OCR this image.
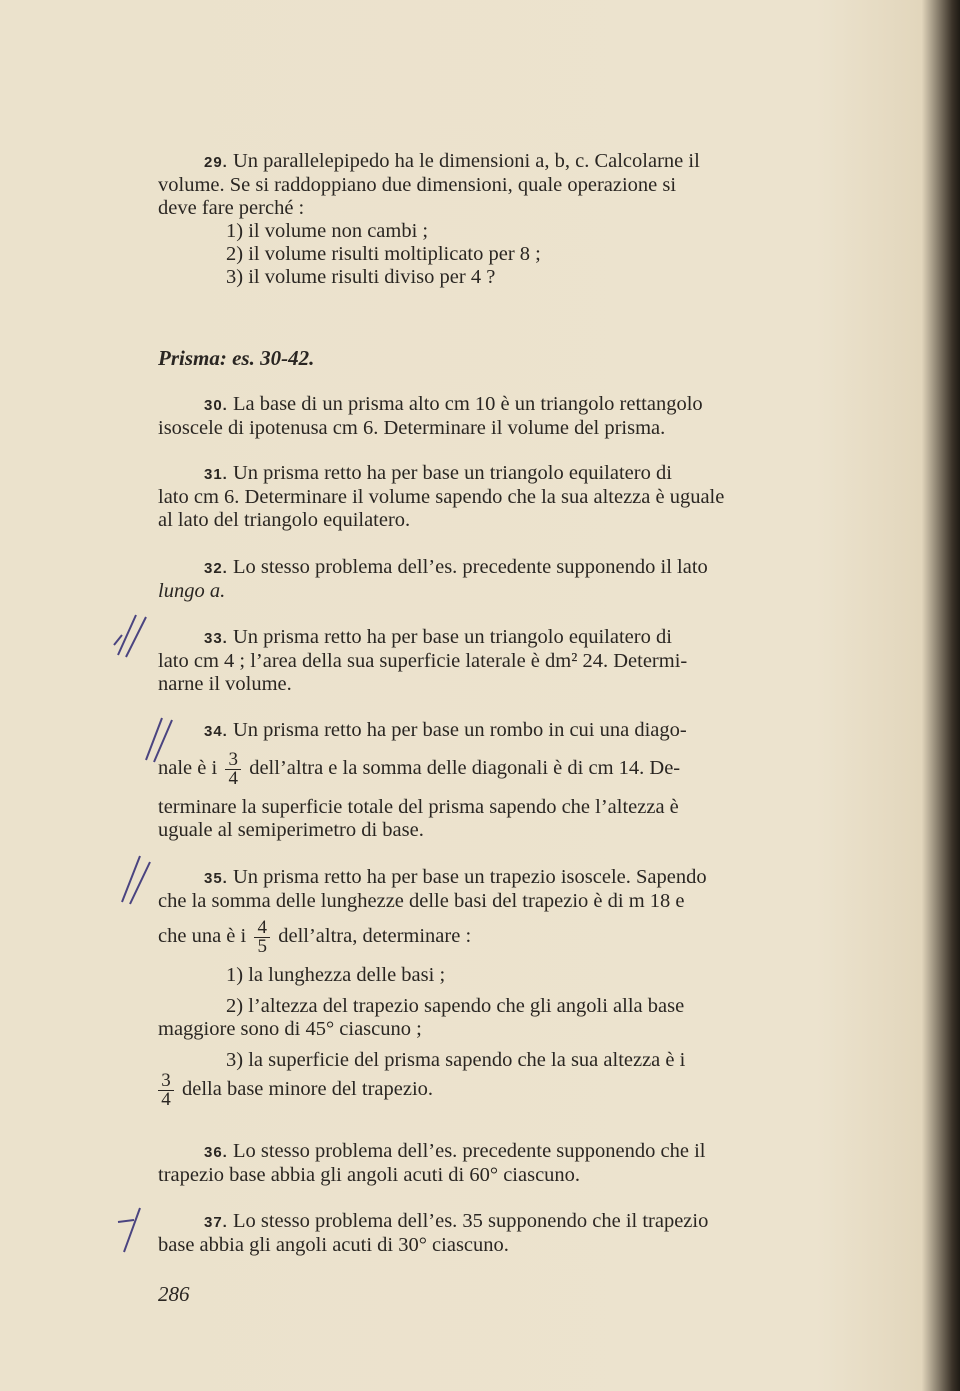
29. Un parallelepipedo ha le dimensioni a, b, c. Calcolarne il
volume. Se si raddoppiano due dimensioni, quale operazione si
deve fare perché :
1) il volume non cambi ;
2) il volume risulti moltiplicato per 8 ;
3) il volume risulti diviso per 4 ?
Prisma: es. 30-42.
30. La base di un prisma alto cm 10 è un triangolo rettangolo
isoscele di ipotenusa cm 6. Determinare il volume del prisma.
31. Un prisma retto ha per base un triangolo equilatero di
lato cm 6. Determinare il volume sapendo che la sua altezza è uguale
al lato del triangolo equilatero.
32. Lo stesso problema dell’es. precedente supponendo il lato
lungo a.
33. Un prisma retto ha per base un triangolo equilatero di
lato cm 4 ; l’area della sua superficie laterale è dm² 24. Determi-
narne il volume.
34. Un prisma retto ha per base un rombo in cui una diago-
nale è i $\frac{3}{4}$ dell’altra e la somma delle diagonali è di cm 14. De-
terminare la superficie totale del prisma sapendo che l’altezza è
uguale al semiperimetro di base.
35. Un prisma retto ha per base un trapezio isoscele. Sapendo
che la somma delle lunghezze delle basi del trapezio è di m 18 e
che una è i $\frac{4}{5}$ dell’altra, determinare :
1) la lunghezza delle basi ;
2) l’altezza del trapezio sapendo che gli angoli alla base
maggiore sono di 45° ciascuno ;
3) la superficie del prisma sapendo che la sua altezza è i
$\frac{3}{4}$ della base minore del trapezio.
36. Lo stesso problema dell’es. precedente supponendo che il
trapezio base abbia gli angoli acuti di 60° ciascuno.
37. Lo stesso problema dell’es. 35 supponendo che il trapezio
base abbia gli angoli acuti di 30° ciascuno.
286
